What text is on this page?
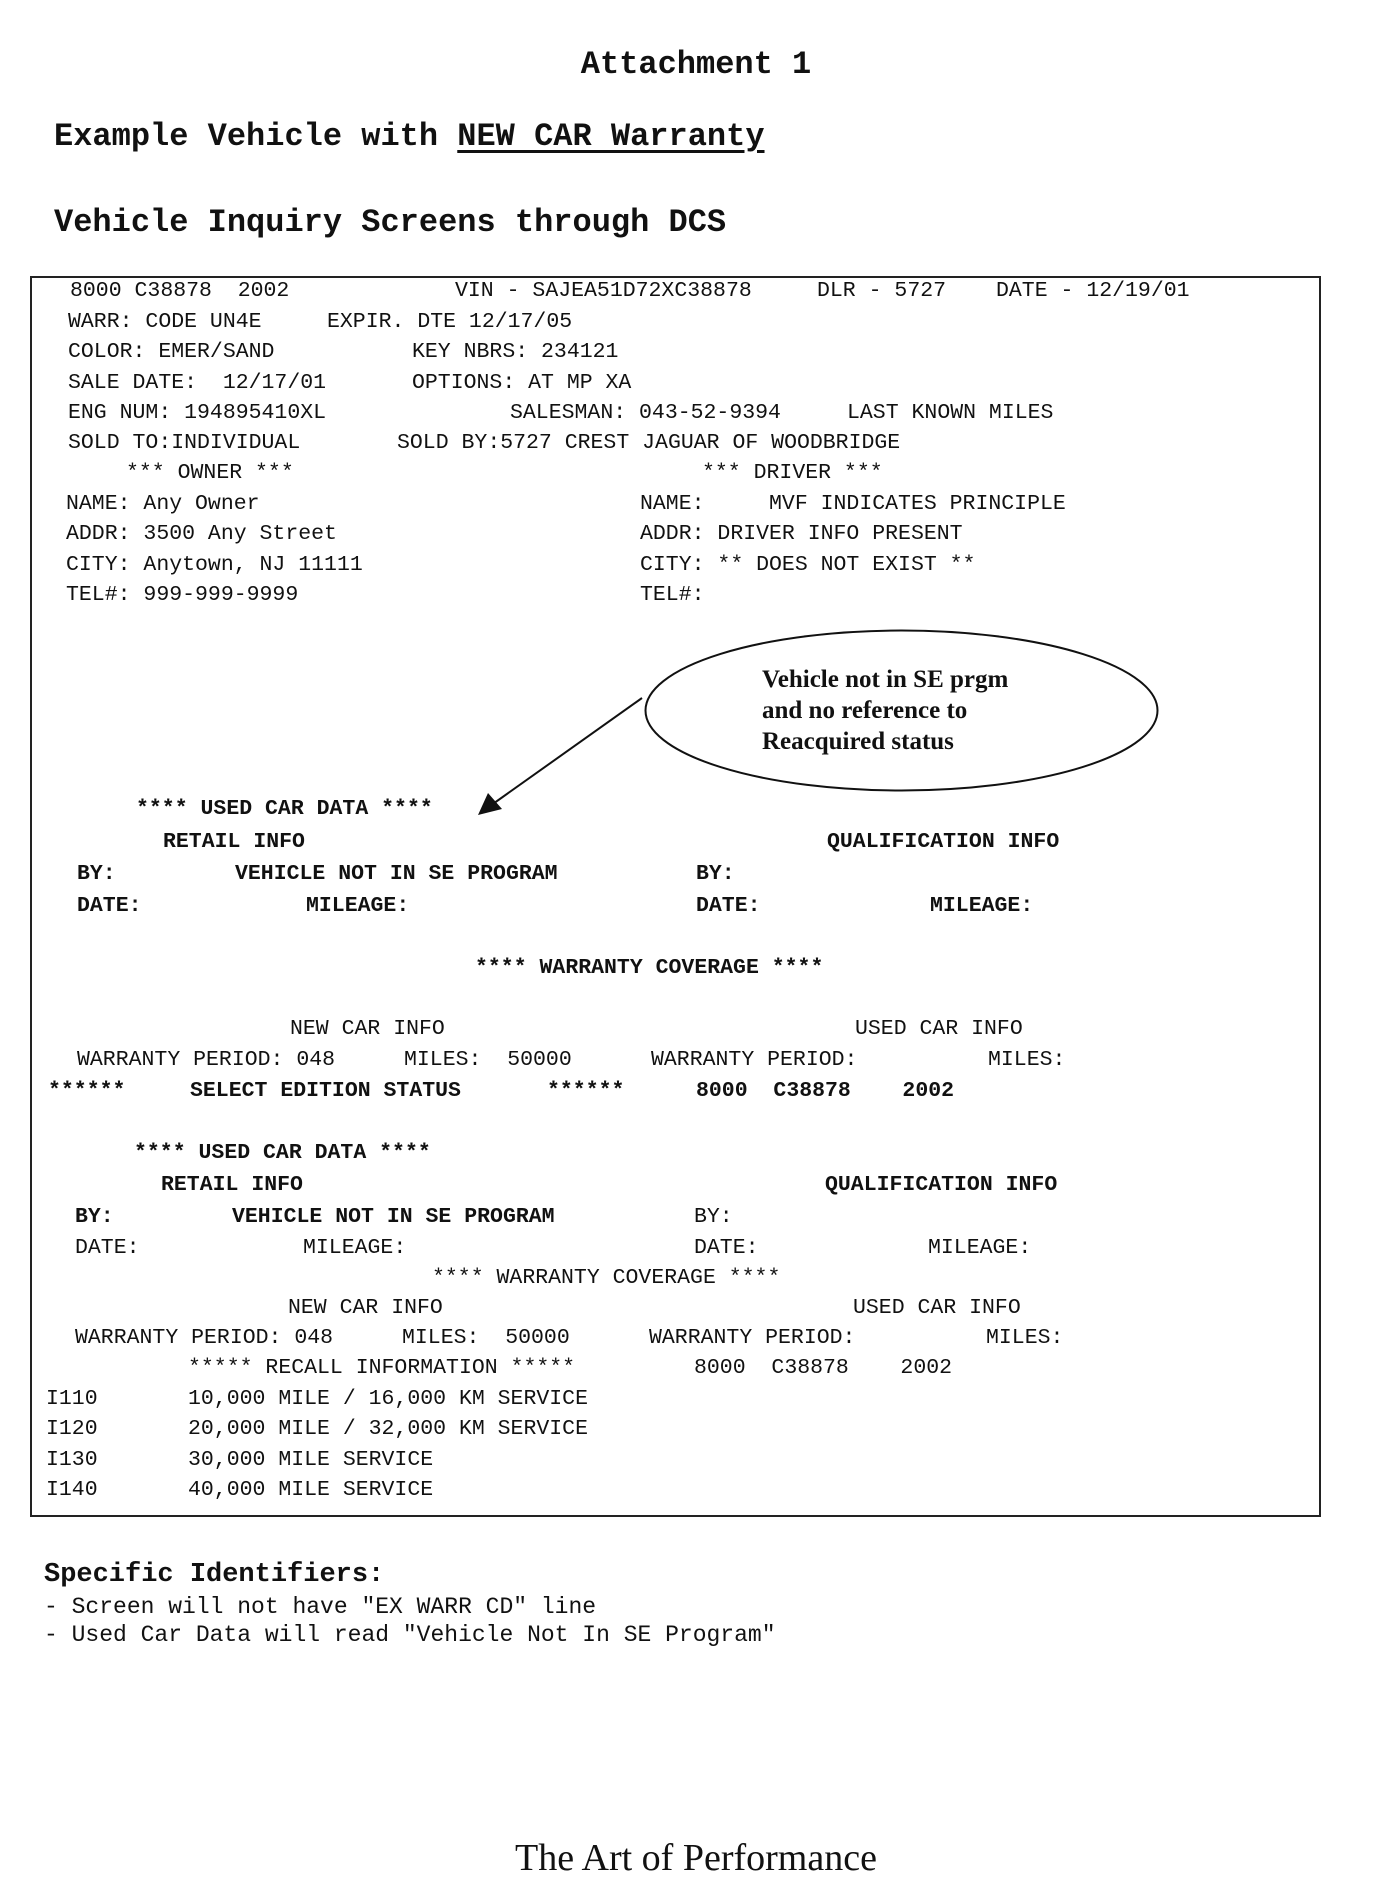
Attachment 1
Example Vehicle with NEW CAR Warranty
Vehicle Inquiry Screens through DCS
8000 C38878  2002	VIN - SAJEA51D72XC38878	DLR - 5727 DATE - 12/19/01
WARR: CODE UN4E	EXPIR. DTE 12/17/05
COLOR: EMER/SAND	KEY NBRS: 234121
SALE DATE:  12/17/01	OPTIONS: AT MP XA
ENG NUM: 194895410XL	SALESMAN: 043-52-9394	LAST KNOWN MILES
SOLD TO:INDIVIDUAL	SOLD BY:5727 CREST JAGUAR OF WOODBRIDGE
*** OWNER ***	*** DRIVER ***
NAME: Any Owner	NAME:     MVF INDICATES PRINCIPLE
ADDR: 3500 Any Street	ADDR: DRIVER INFO PRESENT
CITY: Anytown, NJ 11111	CITY: ** DOES NOT EXIST **
TEL#: 999-999-9999	TEL#:
Vehicle not in SE prgm
and no reference to
Reacquired status
**** USED CAR DATA ****
RETAIL INFO	QUALIFICATION INFO
BY:	VEHICLE NOT IN SE PROGRAM	BY:
DATE:	MILEAGE:	DATE:	MILEAGE:
**** WARRANTY COVERAGE ****
NEW CAR INFO	USED CAR INFO
WARRANTY PERIOD: 048	MILES:  50000	WARRANTY PERIOD:	MILES:
******	SELECT EDITION STATUS	******	8000  C38878    2002
**** USED CAR DATA ****
RETAIL INFO	QUALIFICATION INFO
BY:	VEHICLE NOT IN SE PROGRAM	BY:
DATE:	MILEAGE:	DATE:	MILEAGE:
**** WARRANTY COVERAGE ****
NEW CAR INFO	USED CAR INFO
WARRANTY PERIOD: 048	MILES:  50000	WARRANTY PERIOD:	MILES:
***** RECALL INFORMATION *****	8000  C38878    2002
I110	10,000 MILE / 16,000 KM SERVICE
I120	20,000 MILE / 32,000 KM SERVICE
I130	30,000 MILE SERVICE
I140	40,000 MILE SERVICE
Specific Identifiers:
- Screen will not have "EX WARR CD" line
- Used Car Data will read "Vehicle Not In SE Program"
The Art of Performance
